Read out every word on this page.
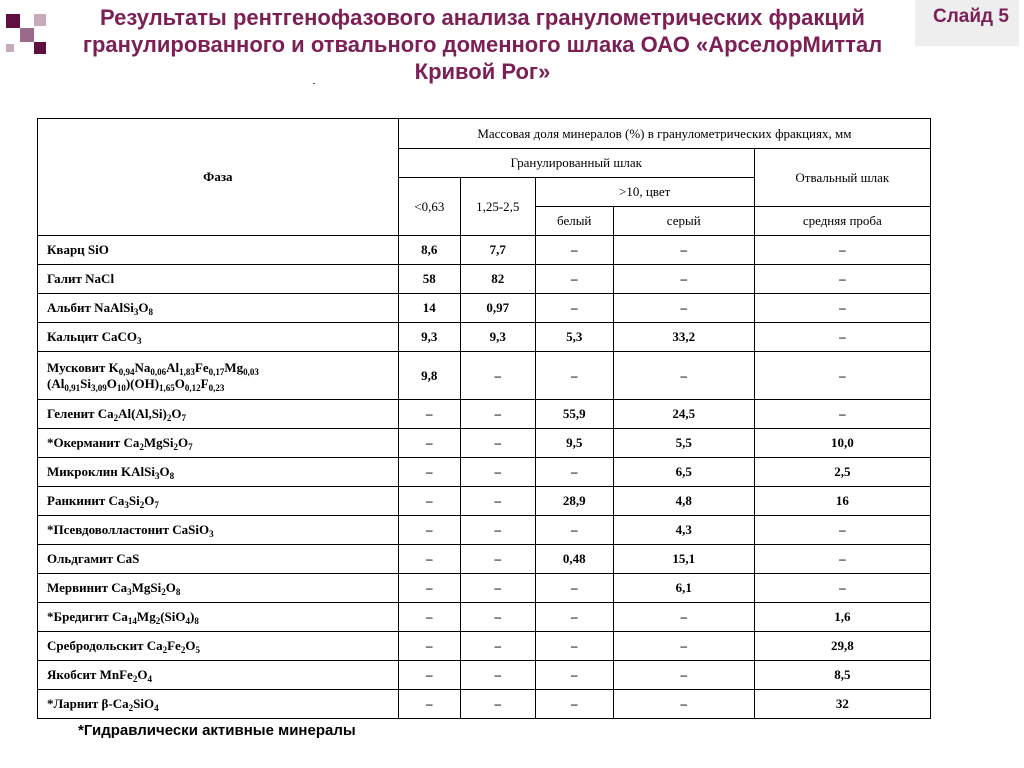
Результаты рентгенофазового анализа гранулометрических фракций
гранулированного и отвального доменного шлака ОАО «АрселорМиттал
Кривой Рог»
Слайд 5
Фаза	Массовая доля минералов (%) в гранулометрических фракциях, мм				
	Гранулированный шлак				Отвальный шлак
	<0,63	1,25-2,5	>10, цвет		
			белый	серый	средняя проба
Кварц SiO	8,6	7,7	–	–	–
Галит NaCl	58	82	–	–	–
Альбит $NaAlSi_3O_8$	14	0,97	–	–	–
Кальцит CaCO$_3$	9,3	9,3	5,3	33,2	–
Мусковит $K_{0,94}Na_{0,06}Al_{1,83}Fe_{0,17}Mg_{0,03}$
$(Al_{0,91}Si_{3,09}O_{10})(OH)_{1,65}O_{0,12}F_{0,23}$	9,8	–	–	–	–
Геленит $Ca_2Al(Al,Si)_2O_7$	–	–	55,9	24,5	–
*Окерманит $Ca_2MgSi_2O_7$	–	–	9,5	5,5	10,0
Микроклин $KAlSi_3O_8$	–	–	–	6,5	2,5
Ранкинит $Ca_3Si_2O_7$	–	–	28,9	4,8	16
*Псевдоволластонит CaSiO$_3$	–	–	–	4,3	–
Ольдгамит CaS	–	–	0,48	15,1	–
Мервинит $Ca_3MgSi_2O_8$	–	–	–	6,1	–
*Бредигит $Ca_{14}Mg_2(SiO_4)_8$	–	–	–	–	1,6
Сребродольскит $Ca_2Fe_2O_5$	–	–	–	–	29,8
Якобсит $MnFe_2O_4$	–	–	–	–	8,5
*Ларнит $\beta-Ca_2SiO_4$	–	–	–	–	32
*Гидравлически активные минералы
